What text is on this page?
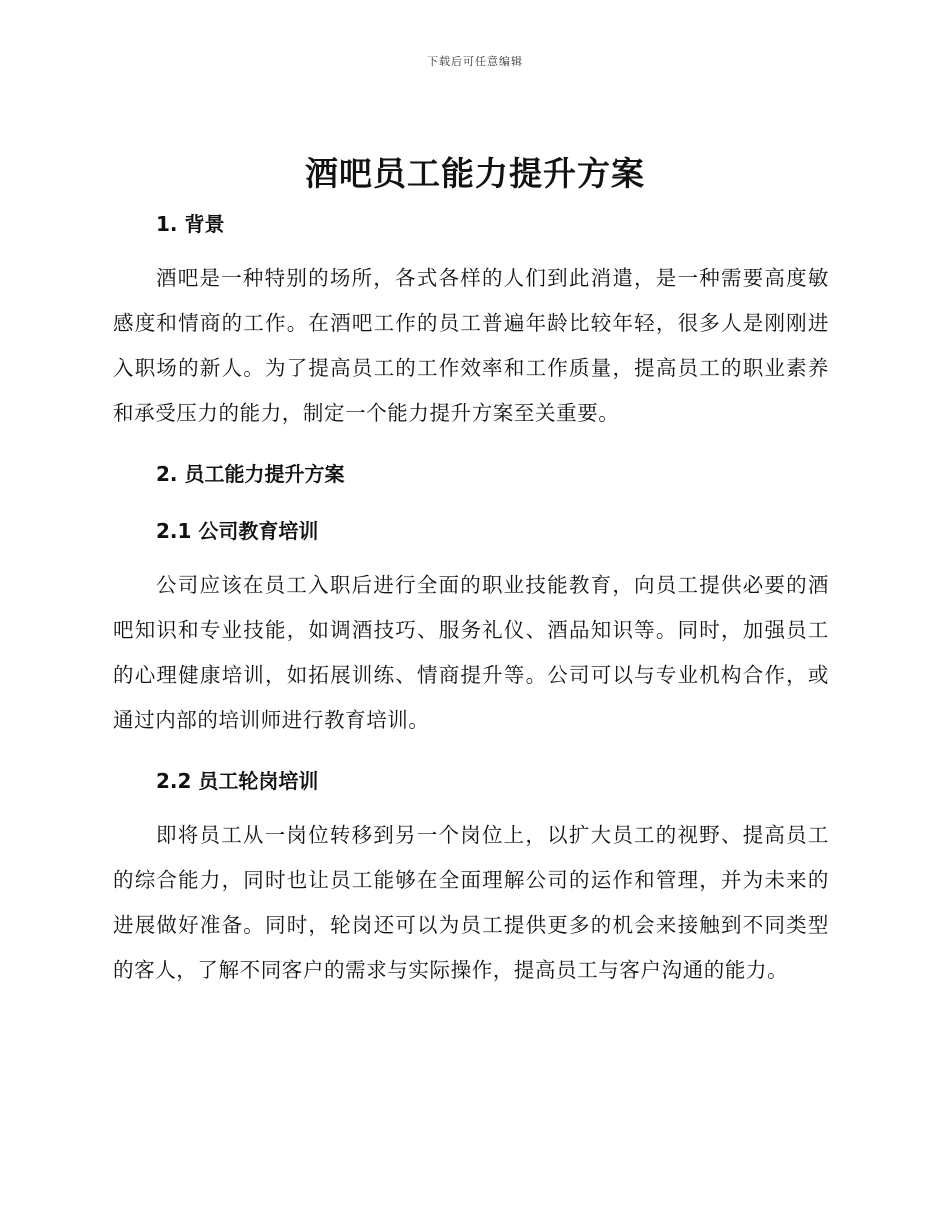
下载后可任意编辑
酒吧员工能力提升方案
1. 背景

酒吧是一种特别的场所，各式各样的人们到此消遣，是一种需要高度敏感度和情商的工作。在酒吧工作的员工普遍年龄比较年轻，很多人是刚刚进入职场的新人。为了提高员工的工作效率和工作质量，提高员工的职业素养和承受压力的能力，制定一个能力提升方案至关重要。

2. 员工能力提升方案
2.1 公司教育培训

公司应该在员工入职后进行全面的职业技能教育，向员工提供必要的酒吧知识和专业技能，如调酒技巧、服务礼仪、酒品知识等。同时，加强员工的心理健康培训，如拓展训练、情商提升等。公司可以与专业机构合作，或通过内部的培训师进行教育培训。

2.2 员工轮岗培训

即将员工从一岗位转移到另一个岗位上，以扩大员工的视野、提高员工的综合能力，同时也让员工能够在全面理解公司的运作和管理，并为未来的进展做好准备。同时，轮岗还可以为员工提供更多的机会来接触到不同类型的客人，了解不同客户的需求与实际操作，提高员工与客户沟通的能力。
